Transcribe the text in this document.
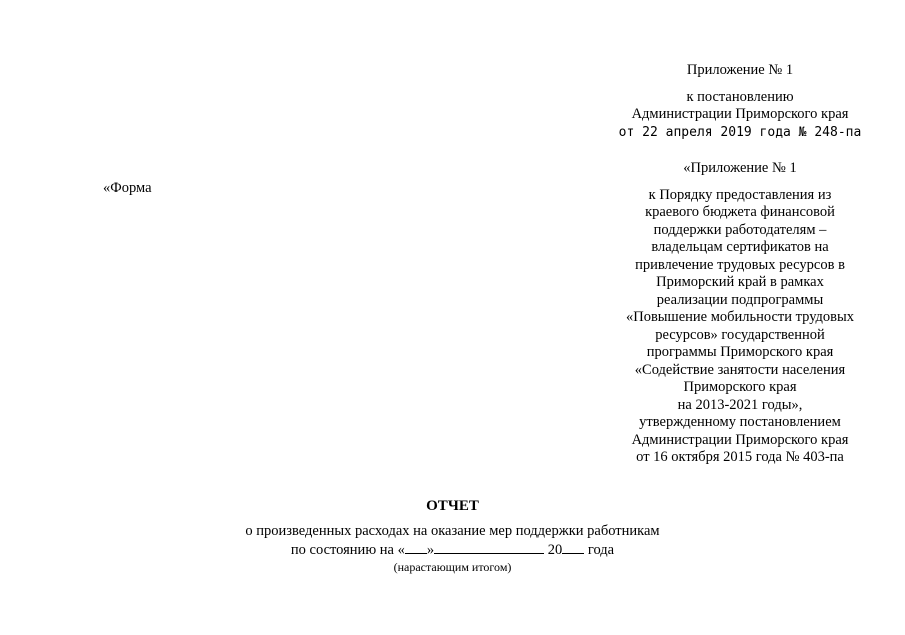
Приложение № 1
к постановлению
Администрации Приморского края
от 22 апреля 2019 года № 248-па
«Форма
«Приложение № 1
к Порядку предоставления из
краевого бюджета финансовой
поддержки работодателям –
владельцам сертификатов на
привлечение трудовых ресурсов в
Приморский край в рамках
реализации подпрограммы
«Повышение мобильности трудовых
ресурсов» государственной
программы Приморского края
«Содействие занятости населения
Приморского края
на 2013-2021 годы»,
утвержденному постановлением
Администрации Приморского края
от 16 октября 2015 года № 403-па
ОТЧЕТ
о произведенных расходах на оказание мер поддержки работникам
по состоянию на « »	20 года
(нарастающим итогом)
